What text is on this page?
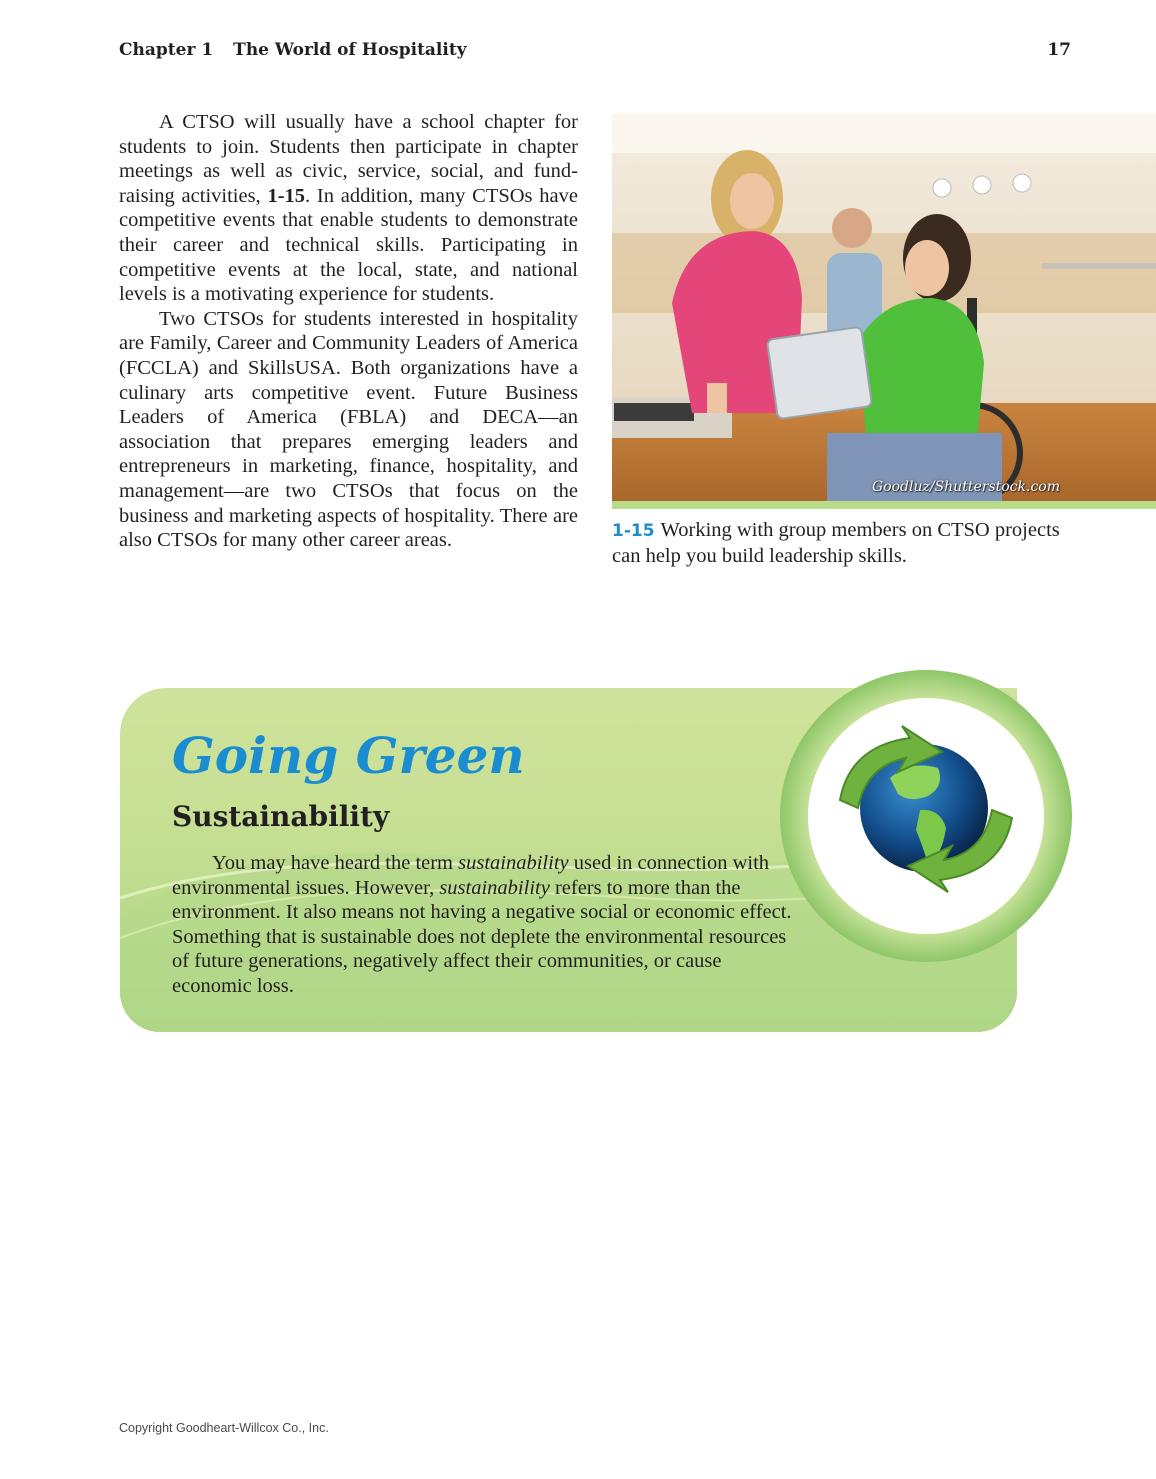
Chapter 1 The World of Hospitality	17

A CTSO will usually have a school chapter for students to join. Students then participate in chapter meetings as well as civic, service, social, and fund-raising activities, 1-15. In addition, many CTSOs have competitive events that enable students to demonstrate their career and technical skills. Participating in competitive events at the local, state, and national levels is a motivating experience for students.

Two CTSOs for students interested in hospitality are Family, Career and Community Leaders of America (FCCLA) and SkillsUSA. Both organizations have a culinary arts competitive event. Future Business Leaders of America (FBLA) and DECA—an association that prepares emerging leaders and entrepreneurs in marketing, finance, hospitality, and management—are two CTSOs that focus on the business and marketing aspects of hospitality. There are also CTSOs for many other career areas.

Goodluz/Shutterstock.com
1-15 Working with group members on CTSO projects can help you build leadership skills.
Going Green
Sustainability

You may have heard the term sustainability used in connection with environmental issues. However, sustainability refers to more than the environment. It also means not having a negative social or economic effect. Something that is sustainable does not deplete the environmental resources of future generations, negatively affect their communities, or cause economic loss.

Copyright Goodheart-Willcox Co., Inc.
